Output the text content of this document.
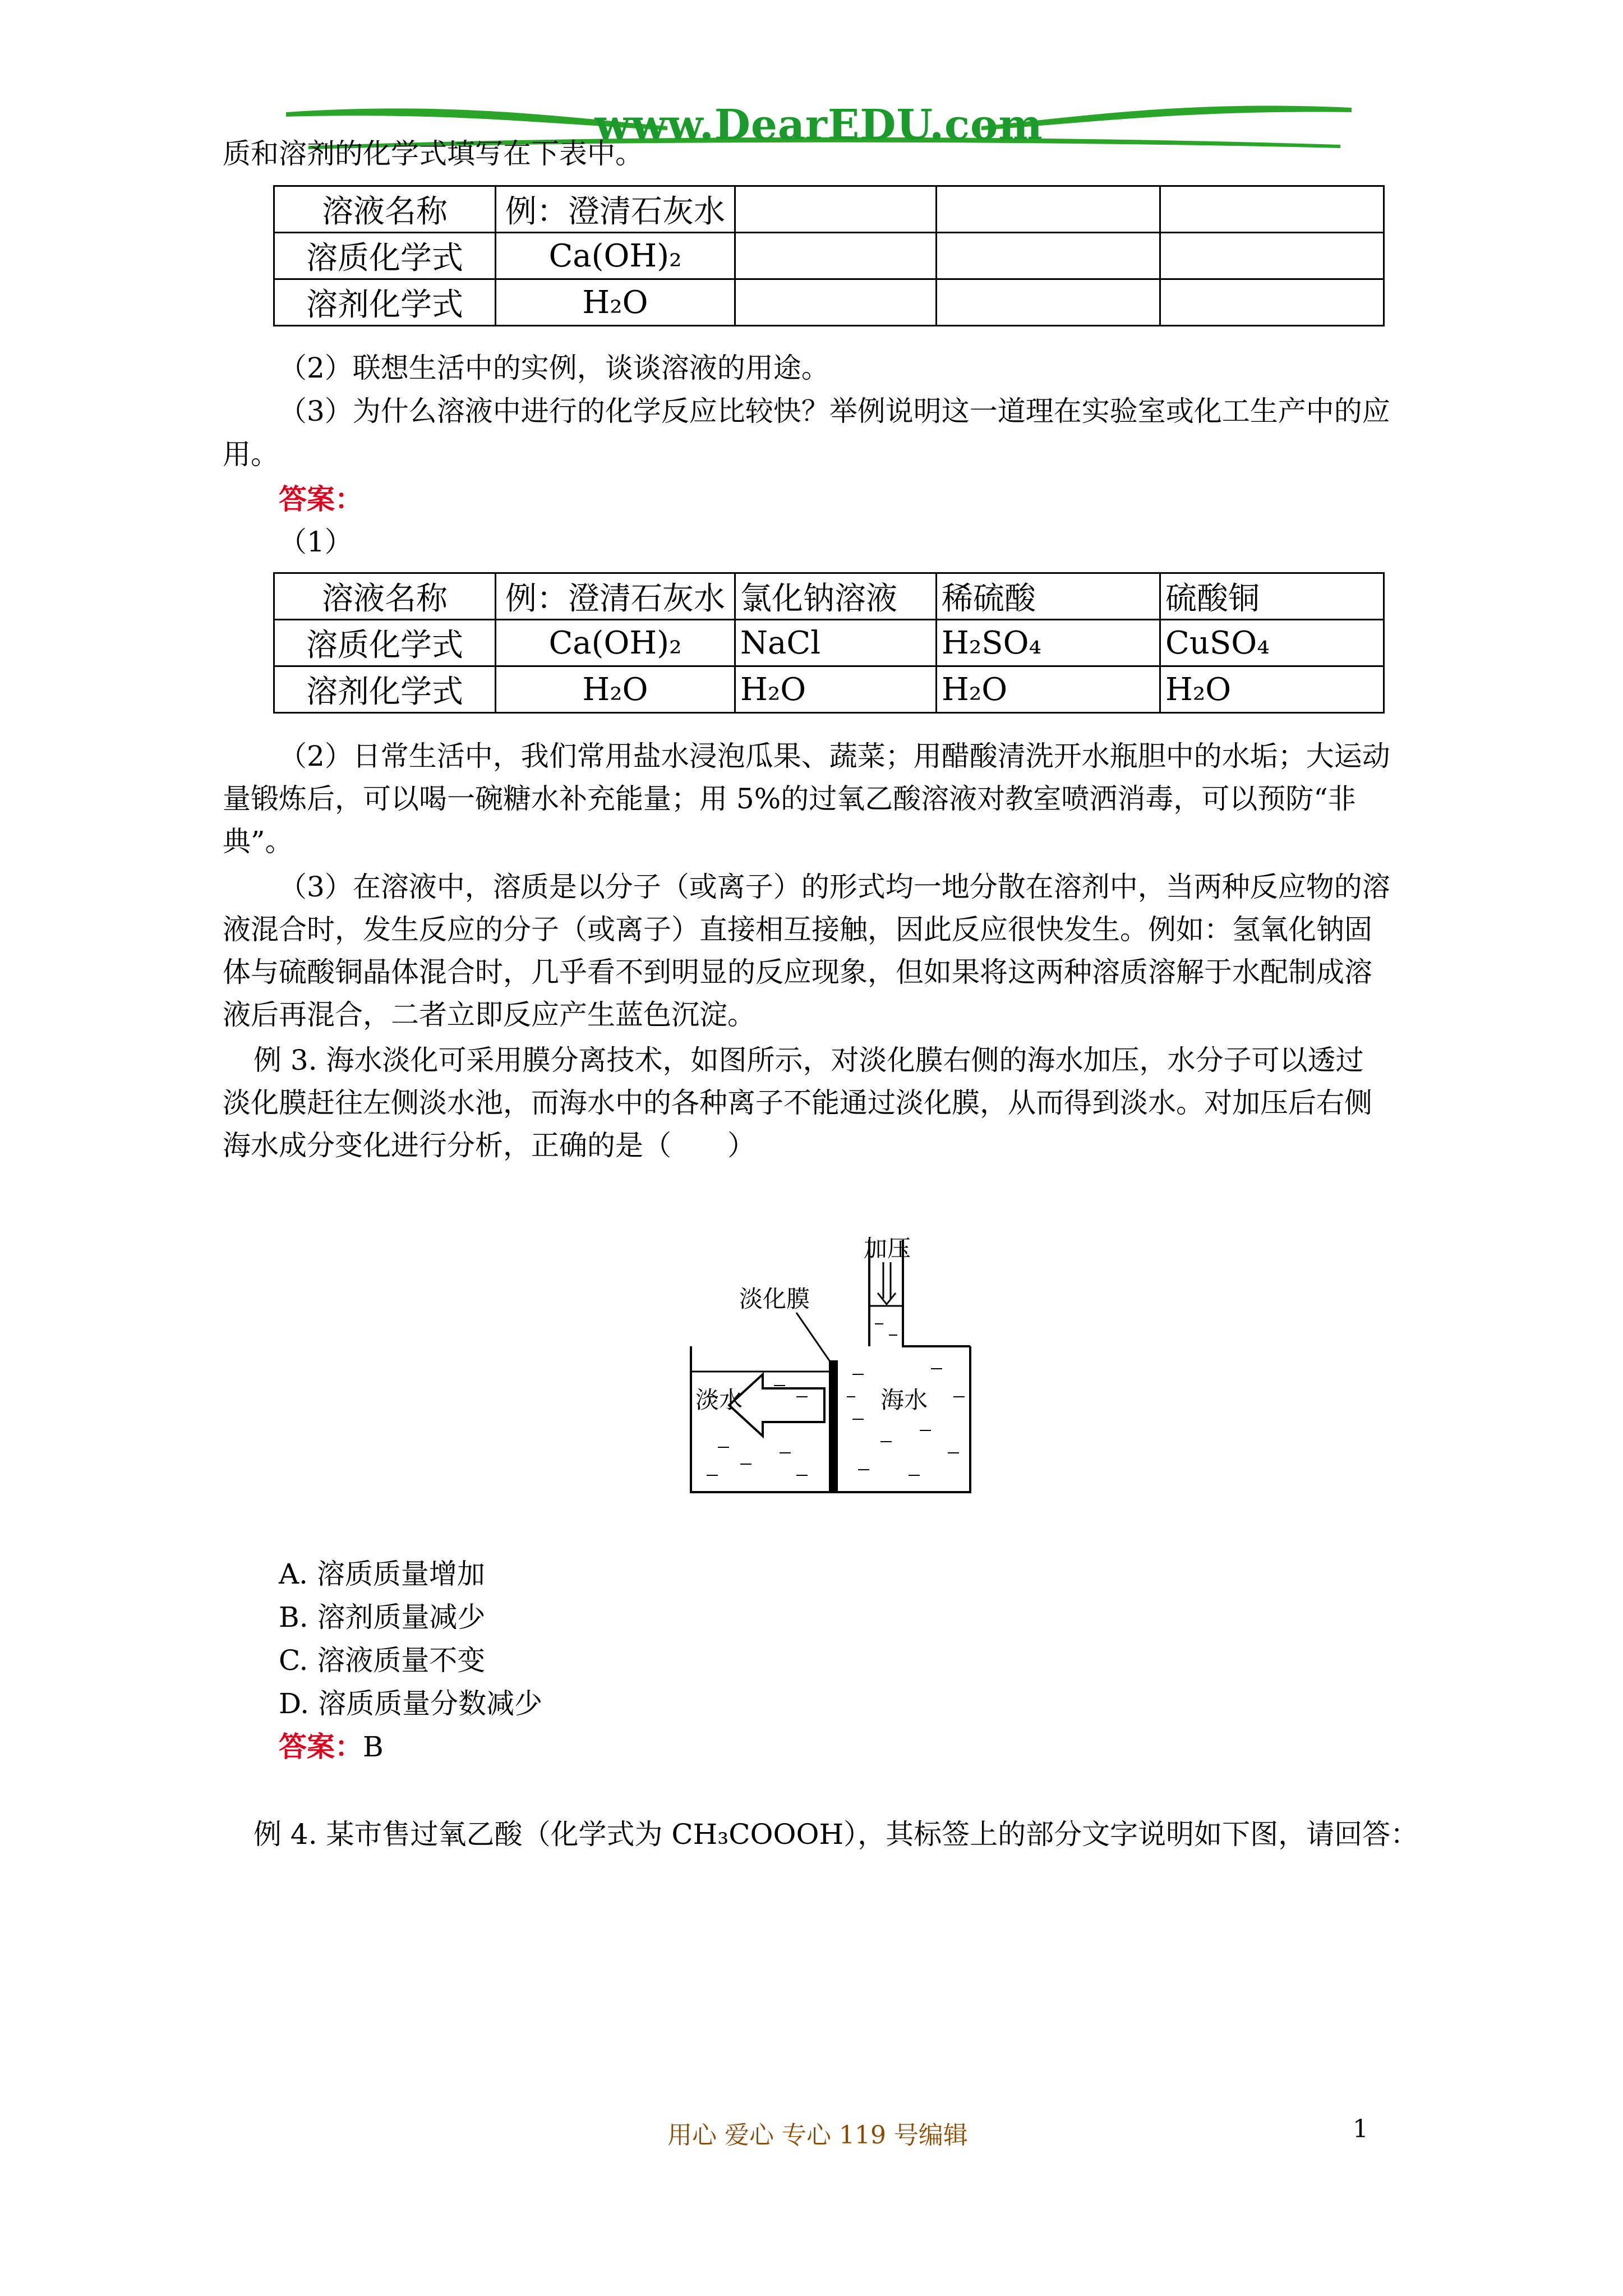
www.DearEDU.com
质和溶剂的化学式填写在下表中。
溶液名称	例：澄清石灰水			
溶质化学式	Ca(OH)₂			
溶剂化学式	H₂O			
（2）联想生活中的实例，谈谈溶液的用途。
（3）为什么溶液中进行的化学反应比较快？举例说明这一道理在实验室或化工生产中的应
用。
答案：
（1）
溶液名称	例：澄清石灰水	氯化钠溶液	稀硫酸	硫酸铜
溶质化学式	Ca(OH)₂	NaCl	H₂SO₄	CuSO₄
溶剂化学式	H₂O	H₂O	H₂O	H₂O
（2）日常生活中，我们常用盐水浸泡瓜果、蔬菜；用醋酸清洗开水瓶胆中的水垢；大运动
量锻炼后，可以喝一碗糖水补充能量；用 5%的过氧乙酸溶液对教室喷洒消毒，可以预防“非
典”。
（3）在溶液中，溶质是以分子（或离子）的形式均一地分散在溶剂中，当两种反应物的溶
液混合时，发生反应的分子（或离子）直接相互接触，因此反应很快发生。例如：氢氧化钠固
体与硫酸铜晶体混合时，几乎看不到明显的反应现象，但如果将这两种溶质溶解于水配制成溶
液后再混合，二者立即反应产生蓝色沉淀。
例 3. 海水淡化可采用膜分离技术，如图所示，对淡化膜右侧的海水加压，水分子可以透过
淡化膜赶往左侧淡水池，而海水中的各种离子不能通过淡化膜，从而得到淡水。对加压后右侧
海水成分变化进行分析，正确的是（　　）
加压
淡化膜
淡水	海水
A. 溶质质量增加
B. 溶剂质量减少
C. 溶液质量不变
D. 溶质质量分数减少
答案：B
例 4. 某市售过氧乙酸（化学式为 CH₃COOOH），其标签上的部分文字说明如下图，请回答：
用心 爱心 专心 119 号编辑	1
